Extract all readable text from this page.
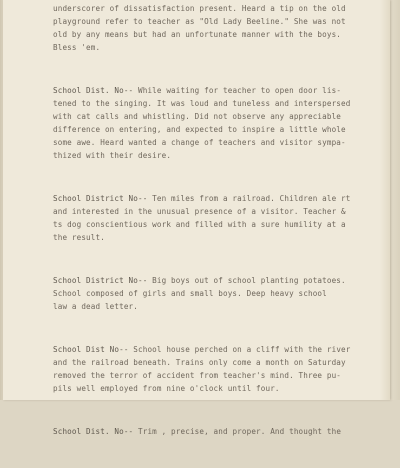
underscorer of dissatisfaction present. Heard a tip on the old
playground refer to teacher as "Old Lady Beeline." She was not
old by any means but had an unfortunate manner with the boys.
Bless 'em.

School Dist. No-- While waiting for teacher to open door lis-
tened to the singing. It was loud and tuneless and interspersed
with cat calls and whistling. Did not observe any appreciable
difference on entering, and expected to inspire a little whole
some awe. Heard wanted a change of teachers and visitor sympa-
thized with their desire.

School District No-- Ten miles from a railroad. Children ale rt
and interested in the unusual presence of a visitor. Teacher &
ts dog conscientious work and filled with a sure humility at a
the result.

School District No-- Big boys out of school planting potatoes.
School composed of girls and small boys. Deep heavy school
law a dead letter.

School Dist No-- School house perched on a cliff with the river
and the railroad beneath. Trains only come a month on Saturday
removed the terror of accident from teacher's mind. Three pu-
pils well employed from nine o'clock until four.

School Dist. No-- Trim , precise, and proper. And thought the
